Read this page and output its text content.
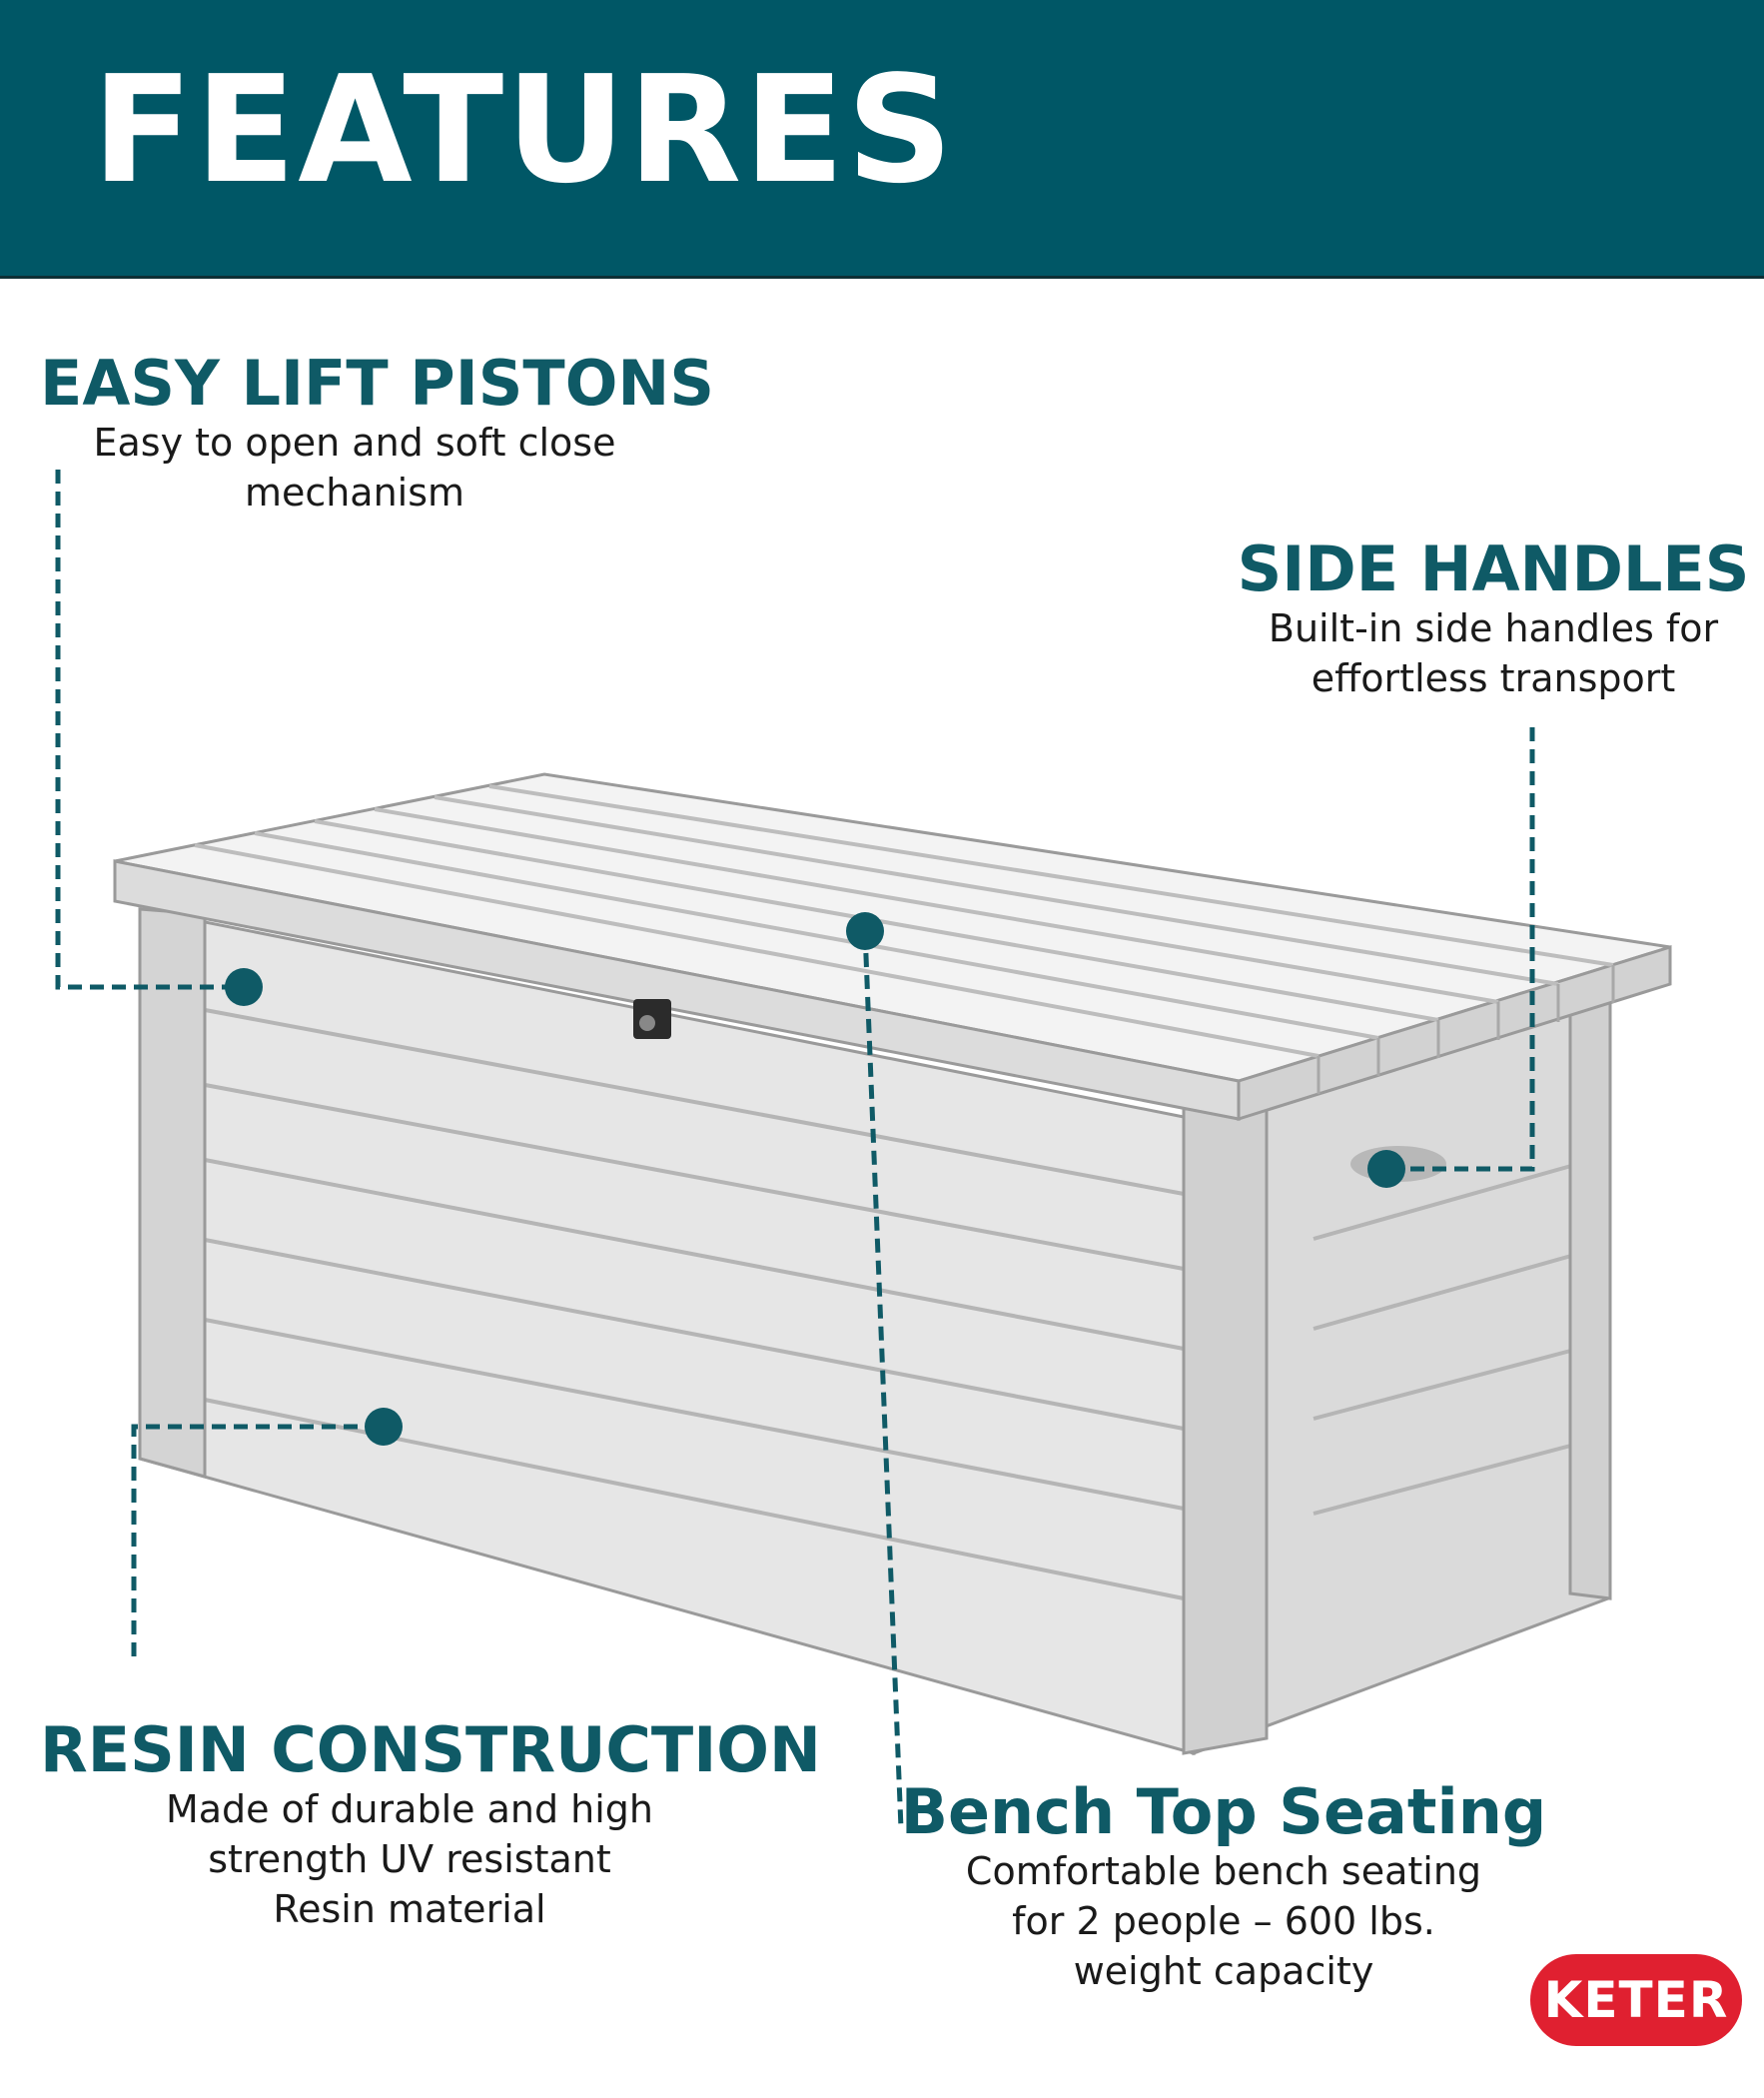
FEATURES
EASY LIFT PISTONS

Easy to open and soft close
mechanism

SIDE HANDLES

Built-in side handles for
effortless transport

RESIN CONSTRUCTION

Made of durable and high
strength UV resistant
Resin material

Bench Top Seating

Comfortable bench seating
for 2 people – 600 lbs.
weight capacity	KETER
